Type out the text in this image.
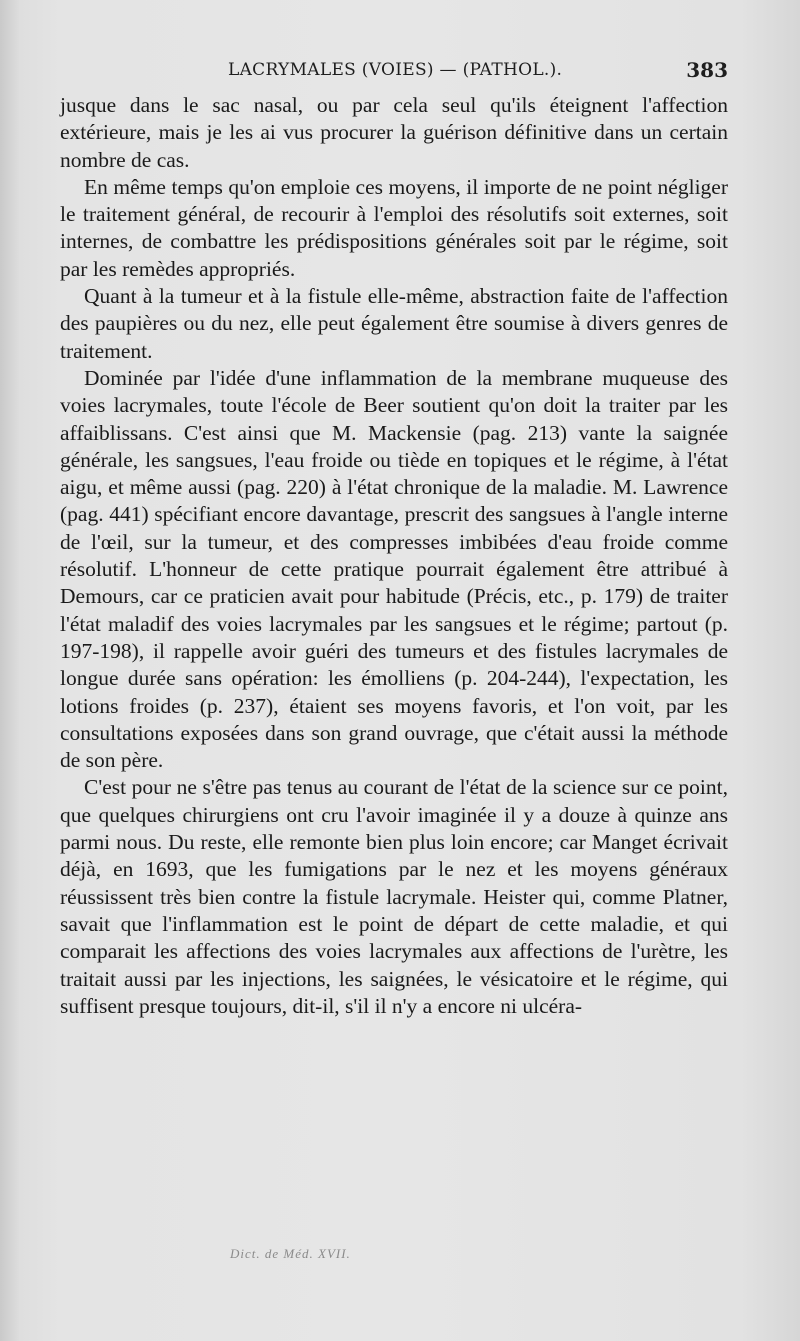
LACRYMALES (VOIES) — (PATHOL.).	383

jusque dans le sac nasal, ou par cela seul qu'ils éteignent l'affection extérieure, mais je les ai vus procurer la guérison définitive dans un certain nombre de cas.

En même temps qu'on emploie ces moyens, il importe de ne point négliger le traitement général, de recourir à l'emploi des résolutifs soit externes, soit internes, de combattre les prédispositions générales soit par le régime, soit par les remèdes appropriés.

Quant à la tumeur et à la fistule elle-même, abstraction faite de l'affection des paupières ou du nez, elle peut également être soumise à divers genres de traitement.

Dominée par l'idée d'une inflammation de la membrane muqueuse des voies lacrymales, toute l'école de Beer soutient qu'on doit la traiter par les affaiblissans. C'est ainsi que M. Mackensie (pag. 213) vante la saignée générale, les sangsues, l'eau froide ou tiède en topiques et le régime, à l'état aigu, et même aussi (pag. 220) à l'état chronique de la maladie. M. Lawrence (pag. 441) spécifiant encore davantage, prescrit des sangsues à l'angle interne de l'œil, sur la tumeur, et des compresses imbibées d'eau froide comme résolutif. L'honneur de cette pratique pourrait également être attribué à Demours, car ce praticien avait pour habitude (Précis, etc., p. 179) de traiter l'état maladif des voies lacrymales par les sangsues et le régime; partout (p. 197-198), il rappelle avoir guéri des tumeurs et des fistules lacrymales de longue durée sans opération: les émolliens (p. 204-244), l'expectation, les lotions froides (p. 237), étaient ses moyens favoris, et l'on voit, par les consultations exposées dans son grand ouvrage, que c'était aussi la méthode de son père.

C'est pour ne s'être pas tenus au courant de l'état de la science sur ce point, que quelques chirurgiens ont cru l'avoir imaginée il y a douze à quinze ans parmi nous. Du reste, elle remonte bien plus loin encore; car Manget écrivait déjà, en 1693, que les fumigations par le nez et les moyens généraux réussissent très bien contre la fistule lacrymale. Heister qui, comme Platner, savait que l'inflammation est le point de départ de cette maladie, et qui comparait les affections des voies lacrymales aux affections de l'urètre, les traitait aussi par les injections, les saignées, le vésicatoire et le régime, qui suffisent presque toujours, dit-il, s'il il n'y a encore ni ulcéra-

Dict. de Méd. XVII.
